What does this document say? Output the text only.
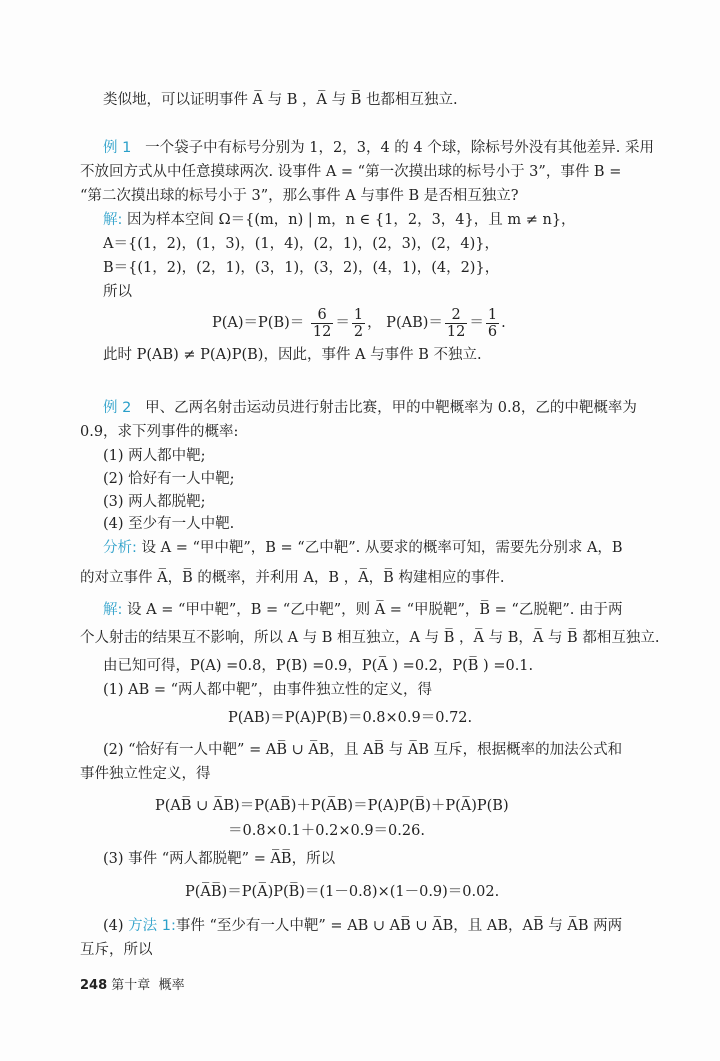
类似地，可以证明事件 A̅ 与 B ，A̅ 与 B̅ 也都相互独立.
例 1 一个袋子中有标号分别为 1，2，3，4 的 4 个球，除标号外没有其他差异. 采用
不放回方式从中任意摸球两次. 设事件 A = “第一次摸出球的标号小于 3”，事件 B =
“第二次摸出球的标号小于 3”，那么事件 A 与事件 B 是否相互独立?
解: 因为样本空间 Ω＝{(m，n) | m，n ∈ {1，2，3，4}，且 m ≠ n}，
A＝{(1，2)，(1，3)，(1，4)，(2，1)，(2，3)，(2，4)}，
B＝{(1，2)，(2，1)，(3，1)，(3，2)，(4，1)，(4，2)}，
所以
$P(A)=P(B)= \frac{6}{12} = \frac{1}{2}$ ， $P(AB)= \frac{2}{12} = \frac{1}{6}$ .
此时 P(AB) ≠ P(A)P(B)，因此，事件 A 与事件 B 不独立.
例 2 甲、乙两名射击运动员进行射击比赛，甲的中靶概率为 0.8，乙的中靶概率为
0.9，求下列事件的概率:
(1) 两人都中靶;
(2) 恰好有一人中靶;
(3) 两人都脱靶;
(4) 至少有一人中靶.
分析: 设 A = “甲中靶”，B = “乙中靶”. 从要求的概率可知，需要先分别求 A，B
的对立事件 A̅，B̅ 的概率，并利用 A，B ，A̅，B̅ 构建相应的事件.
解: 设 A = “甲中靶”，B = “乙中靶”，则 A̅ = “甲脱靶”，B̅ = “乙脱靶”. 由于两
个人射击的结果互不影响，所以 A 与 B 相互独立，A 与 B̅ ，A̅ 与 B，A̅ 与 B̅ 都相互独立.
由已知可得，P(A) =0.8，P(B) =0.9，P(A̅ ) =0.2，P(B̅ ) =0.1.
(1) AB = “两人都中靶”，由事件独立性的定义，得
P(AB)＝P(A)P(B)＝0.8×0.9＝0.72.
(2) “恰好有一人中靶” = AB̅ ∪ A̅B，且 AB̅ 与 A̅B 互斥，根据概率的加法公式和
事件独立性定义，得
P(AB̅ ∪ A̅B)＝P(AB̅)＋P(A̅B)＝P(A)P(B̅)＋P(A̅)P(B)
＝0.8×0.1＋0.2×0.9＝0.26.
(3) 事件 “两人都脱靶” = A̅B̅，所以
P(A̅B̅)＝P(A̅)P(B̅)＝(1－0.8)×(1－0.9)＝0.02.
(4) 方法 1:事件 “至少有一人中靶” = AB ∪ AB̅ ∪ A̅B，且 AB，AB̅ 与 A̅B 两两
互斥，所以
248 第十章 概率
